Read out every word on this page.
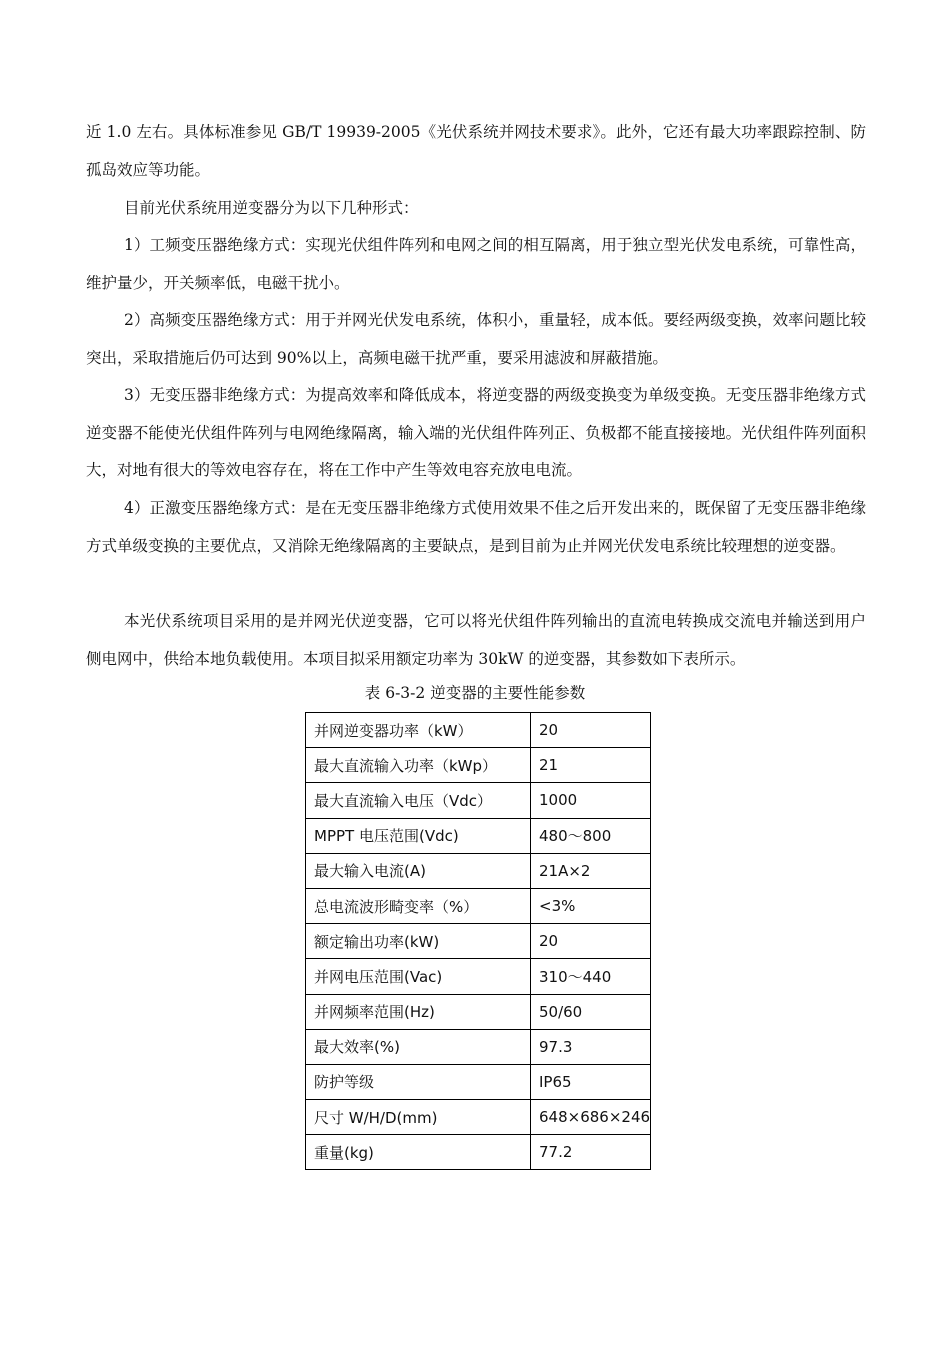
近 1.0 左右。具体标准参见 GB/T 19939-2005《光伏系统并网技术要求》。此外，它还有最大功率跟踪控制、防孤岛效应等功能。

目前光伏系统用逆变器分为以下几种形式：

1）工频变压器绝缘方式：实现光伏组件阵列和电网之间的相互隔离，用于独立型光伏发电系统，可靠性高，维护量少，开关频率低，电磁干扰小。

2）高频变压器绝缘方式：用于并网光伏发电系统，体积小，重量轻，成本低。要经两级变换，效率问题比较突出，采取措施后仍可达到 90%以上，高频电磁干扰严重，要采用滤波和屏蔽措施。

3）无变压器非绝缘方式：为提高效率和降低成本，将逆变器的两级变换变为单级变换。无变压器非绝缘方式逆变器不能使光伏组件阵列与电网绝缘隔离，输入端的光伏组件阵列正、负极都不能直接接地。光伏组件阵列面积大，对地有很大的等效电容存在，将在工作中产生等效电容充放电电流。

4）正激变压器绝缘方式：是在无变压器非绝缘方式使用效果不佳之后开发出来的，既保留了无变压器非绝缘方式单级变换的主要优点，又消除无绝缘隔离的主要缺点，是到目前为止并网光伏发电系统比较理想的逆变器。

本光伏系统项目采用的是并网光伏逆变器，它可以将光伏组件阵列输出的直流电转换成交流电并输送到用户侧电网中，供给本地负载使用。本项目拟采用额定功率为 30kW 的逆变器，其参数如下表所示。

表 6-3-2 逆变器的主要性能参数
并网逆变器功率（kW）	20
最大直流输入功率（kWp）	21
最大直流输入电压（Vdc）	1000
MPPT 电压范围(Vdc)	480～800
最大输入电流(A)	21A×2
总电流波形畸变率（%）	<3%
额定输出功率(kW)	20
并网电压范围(Vac)	310～440
并网频率范围(Hz)	50/60
最大效率(%)	97.3
防护等级	IP65
尺寸 W/H/D(mm)	648×686×246
重量(kg)	77.2
